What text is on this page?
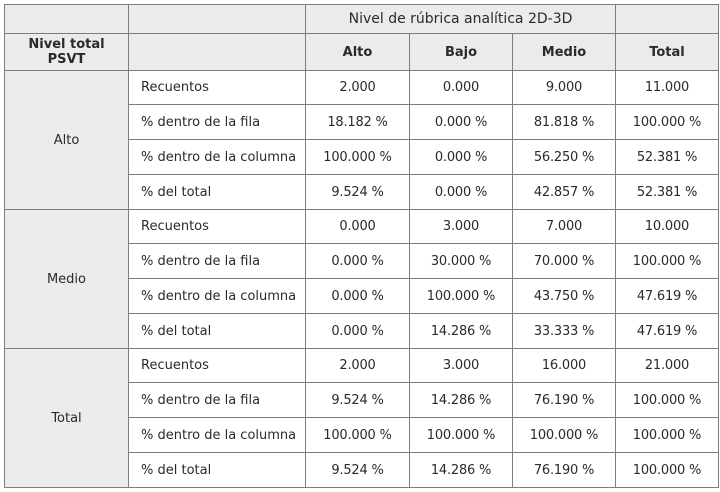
		Nivel de rúbrica analítica 2D-3D			
Nivel total PSVT		Alto	Bajo	Medio	Total
Alto	Recuentos	2.000	0.000	9.000	11.000
	% dentro de la fila	18.182 %	0.000 %	81.818 %	100.000 %
	% dentro de la columna	100.000 %	0.000 %	56.250 %	52.381 %
	% del total	9.524 %	0.000 %	42.857 %	52.381 %
Medio	Recuentos	0.000	3.000	7.000	10.000
	% dentro de la fila	0.000 %	30.000 %	70.000 %	100.000 %
	% dentro de la columna	0.000 %	100.000 %	43.750 %	47.619 %
	% del total	0.000 %	14.286 %	33.333 %	47.619 %
Total	Recuentos	2.000	3.000	16.000	21.000
	% dentro de la fila	9.524 %	14.286 %	76.190 %	100.000 %
	% dentro de la columna	100.000 %	100.000 %	100.000 %	100.000 %
	% del total	9.524 %	14.286 %	76.190 %	100.000 %
